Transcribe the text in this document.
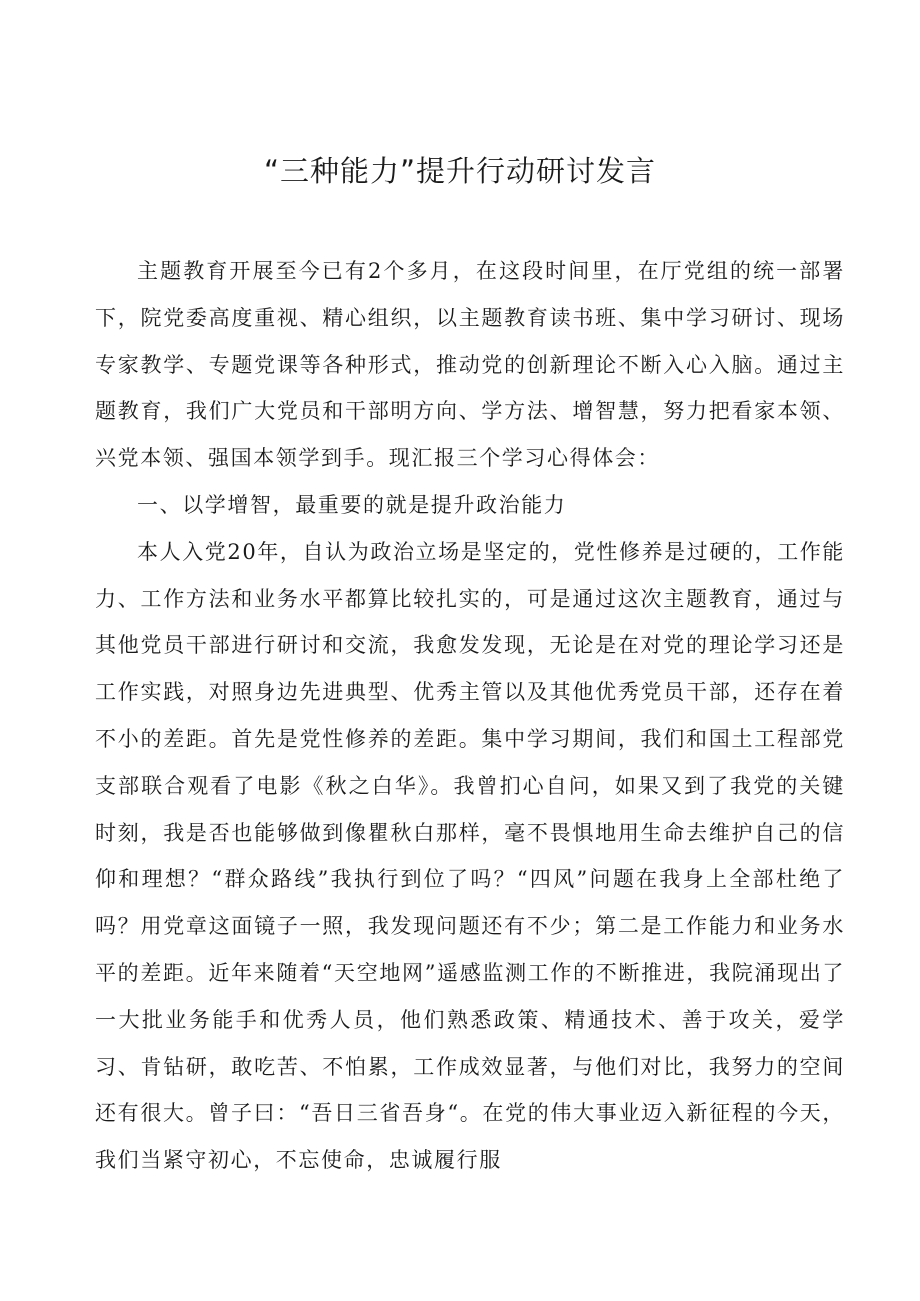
“三种能力”提升行动研讨发言

主题教育开展至今已有2个多月，在这段时间里，在厅党组的统一部署下，院党委高度重视、精心组织，以主题教育读书班、集中学习研讨、现场专家教学、专题党课等各种形式，推动党的创新理论不断入心入脑。通过主题教育，我们广大党员和干部明方向、学方法、增智慧，努力把看家本领、兴党本领、强国本领学到手。现汇报三个学习心得体会：

一、以学增智，最重要的就是提升政治能力

本人入党20年，自认为政治立场是坚定的，党性修养是过硬的，工作能力、工作方法和业务水平都算比较扎实的，可是通过这次主题教育，通过与其他党员干部进行研讨和交流，我愈发发现，无论是在对党的理论学习还是工作实践，对照身边先进典型、优秀主管以及其他优秀党员干部，还存在着不小的差距。首先是党性修养的差距。集中学习期间，我们和国土工程部党支部联合观看了电影《秋之白华》。我曾扪心自问，如果又到了我党的关键时刻，我是否也能够做到像瞿秋白那样，毫不畏惧地用生命去维护自己的信仰和理想？“群众路线”我执行到位了吗？“四风”问题在我身上全部杜绝了吗？用党章这面镜子一照，我发现问题还有不少；第二是工作能力和业务水平的差距。近年来随着“天空地网”遥感监测工作的不断推进，我院涌现出了一大批业务能手和优秀人员，他们熟悉政策、精通技术、善于攻关，爱学习、肯钻研，敢吃苦、不怕累，工作成效显著，与他们对比，我努力的空间还有很大。曾子曰：“吾日三省吾身“。在党的伟大事业迈入新征程的今天，我们当紧守初心，不忘使命，忠诚履行服
